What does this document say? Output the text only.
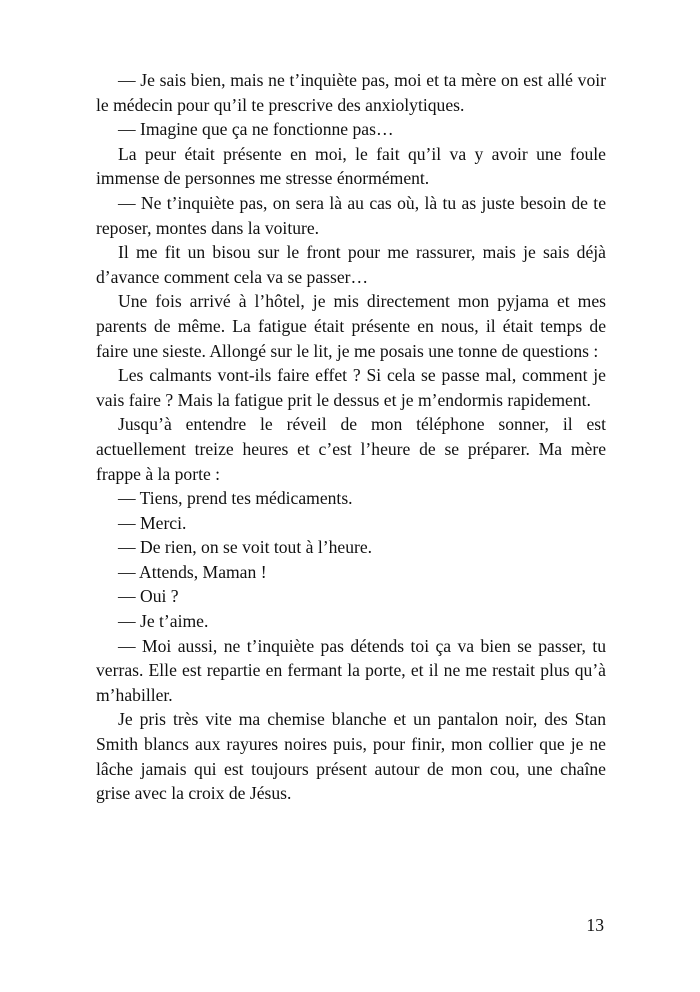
— Je sais bien, mais ne t’inquiète pas, moi et ta mère on est allé voir le médecin pour qu’il te prescrive des anxiolytiques.

— Imagine que ça ne fonctionne pas…

La peur était présente en moi, le fait qu’il va y avoir une foule immense de personnes me stresse énormément.

— Ne t’inquiète pas, on sera là au cas où, là tu as juste besoin de te reposer, montes dans la voiture.

Il me fit un bisou sur le front pour me rassurer, mais je sais déjà d’avance comment cela va se passer…

Une fois arrivé à l’hôtel, je mis directement mon pyjama et mes parents de même. La fatigue était présente en nous, il était temps de faire une sieste. Allongé sur le lit, je me posais une tonne de questions :

Les calmants vont-ils faire effet ? Si cela se passe mal, comment je vais faire ? Mais la fatigue prit le dessus et je m’endormis rapidement.

Jusqu’à entendre le réveil de mon téléphone sonner, il est actuellement treize heures et c’est l’heure de se préparer. Ma mère frappe à la porte :

— Tiens, prend tes médicaments.

— Merci.

— De rien, on se voit tout à l’heure.

— Attends, Maman !

— Oui ?

— Je t’aime.

— Moi aussi, ne t’inquiète pas détends toi ça va bien se passer, tu verras. Elle est repartie en fermant la porte, et il ne me restait plus qu’à m’habiller.

Je pris très vite ma chemise blanche et un pantalon noir, des Stan Smith blancs aux rayures noires puis, pour finir, mon collier que je ne lâche jamais qui est toujours présent autour de mon cou, une chaîne grise avec la croix de Jésus.

13
